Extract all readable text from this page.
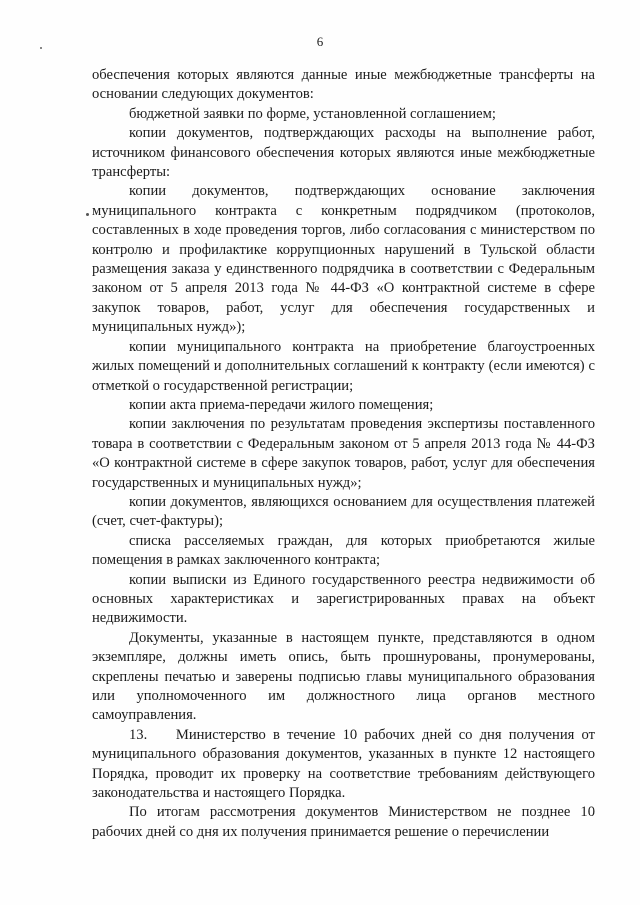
6

обеспечения которых являются данные иные межбюджетные трансферты на основании следующих документов:

бюджетной заявки по форме, установленной соглашением;

копии документов, подтверждающих расходы на выполнение работ, источником финансового обеспечения которых являются иные межбюджетные трансферты:

копии документов, подтверждающих основание заключения муниципального контракта с конкретным подрядчиком (протоколов, составленных в ходе проведения торгов, либо согласования с министерством по контролю и профилактике коррупционных нарушений в Тульской области размещения заказа у единственного подрядчика в соответствии с Федеральным законом от 5 апреля 2013 года № 44-ФЗ «О контрактной системе в сфере закупок товаров, работ, услуг для обеспечения государственных и муниципальных нужд»);

копии муниципального контракта на приобретение благоустроенных жилых помещений и дополнительных соглашений к контракту (если имеются) с отметкой о государственной регистрации;

копии акта приема-передачи жилого помещения;

копии заключения по результатам проведения экспертизы поставленного товара в соответствии с Федеральным законом от 5 апреля 2013 года № 44-ФЗ «О контрактной системе в сфере закупок товаров, работ, услуг для обеспечения государственных и муниципальных нужд»;

копии документов, являющихся основанием для осуществления платежей (счет, счет-фактуры);

списка расселяемых граждан, для которых приобретаются жилые помещения в рамках заключенного контракта;

копии выписки из Единого государственного реестра недвижимости об основных характеристиках и зарегистрированных правах на объект недвижимости.

Документы, указанные в настоящем пункте, представляются в одном экземпляре, должны иметь опись, быть прошнурованы, пронумерованы, скреплены печатью и заверены подписью главы муниципального образования или уполномоченного им должностного лица органов местного самоуправления.

13.    Министерство в течение 10 рабочих дней со дня получения от муниципального образования документов, указанных в пункте 12 настоящего Порядка, проводит их проверку на соответствие требованиям действующего законодательства и настоящего Порядка.

По итогам рассмотрения документов Министерством не позднее 10 рабочих дней со дня их получения принимается решение о перечислении
